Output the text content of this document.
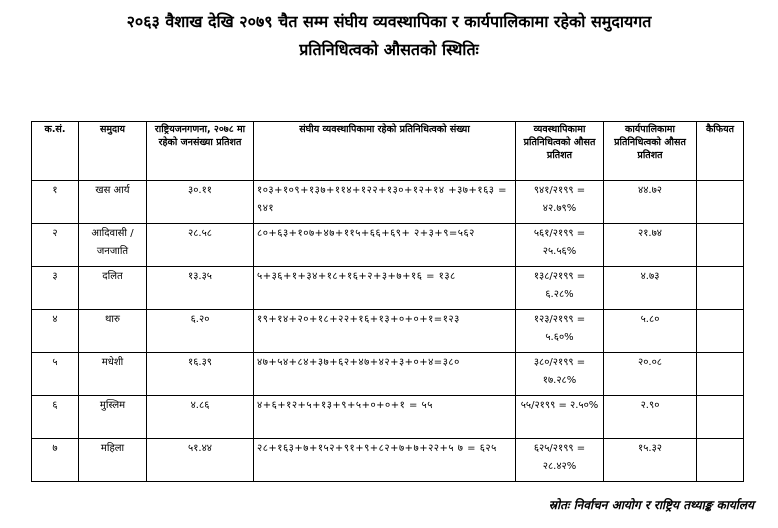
२०६३ वैशाख देखि २०७९ चैत सम्म संघीय व्यवस्थापिका र कार्यपालिकामा रहेको समुदायगत
प्रतिनिधित्वको औसतको स्थितिः
क.सं.	समुदाय	राष्ट्रियजनगणना, २०७८ मा रहेको जनसंख्या प्रतिशत	संघीय व्यवस्थापिकामा रहेको प्रतिनिधित्वको संख्या	व्यवस्थापिकामा प्रतिनिधित्वको औसत प्रतिशत	कार्यपालिकामा प्रतिनिधित्वको औसत प्रतिशत	कैफियत
१	खस आर्य	३०.११	१०३+१०९+१३७+११४+१२२+१३०+१२+१४ +३७+१६३ = ९४१	९४१/२१९९ = ४२.७९%	४४.७२	
२	आदिवासी / जनजाति	२८.५८	८०+६३+१०७+४७+११५+६६+६९+ २+३+९=५६२	५६१/२१९९ = २५.५६%	२१.७४	
३	दलित	१३.३५	५+३६+१+३४+१८+१६+२+३+७+१६ = १३८	१३८/२१९९ = ६.२८%	४.७३	
४	थारु	६.२०	१९+१४+२०+१८+२२+१६+१३+०+०+१=१२३	१२३/२१९९ = ५.६०%	५.८०	
५	मधेशी	१६.३९	४७+५४+८४+३७+६२+४७+४२+३+०+४=३८०	३८०/२१९९ = १७.२८%	२०.०८	
६	मुस्लिम	४.८६	४+६+१२+५+१३+९+५+०+०+१ = ५५	५५/२१९९ = २.५०%	२.९०	
७	महिला	५१.४४	२८+१६३+७+१५२+९१+९+८२+७+७+२२+५ ७ = ६२५	६२५/२१९९ = २८.४२%	१५.३२	
स्रोतः निर्वाचन आयोग र राष्ट्रिय तथ्याङ्क कार्यालय
